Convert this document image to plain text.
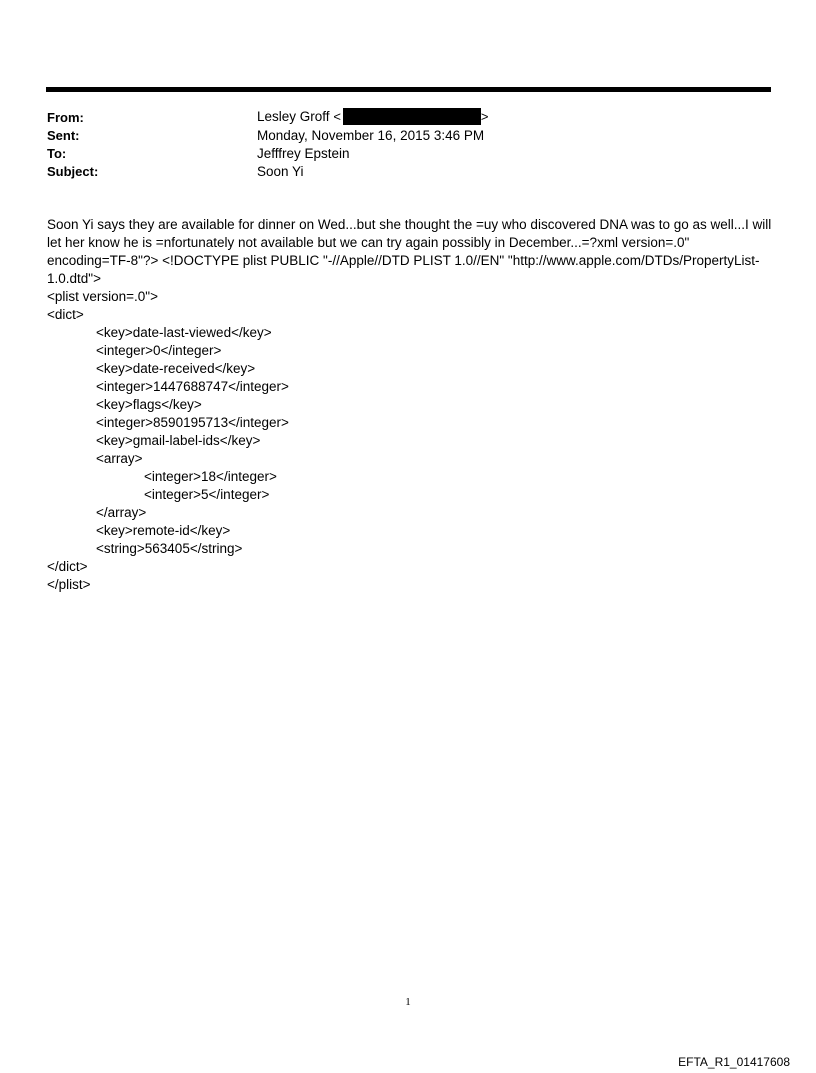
From:	Lesley Groff <	>
Sent:	Monday, November 16, 2015 3:46 PM
To:	Jefffrey Epstein
Subject:	Soon Yi

Soon Yi says they are available for dinner on Wed...but she thought the =uy who discovered DNA was to go as well...I will let her know he is =nfortunately not available but we can try again possibly in December...=?xml version=.0" encoding=TF-8"?> <!DOCTYPE plist PUBLIC "-//Apple//DTD PLIST 1.0//EN" "http://www.apple.com/DTDs/PropertyList-1.0.dtd">

<plist version=.0">
<dict>
<key>date-last-viewed</key>
<integer>0</integer>
<key>date-received</key>
<integer>1447688747</integer>
<key>flags</key>
<integer>8590195713</integer>
<key>gmail-label-ids</key>
<array>
<integer>18</integer>
<integer>5</integer>
</array>
<key>remote-id</key>
<string>563405</string>
</dict>
</plist>
1
EFTA_R1_01417608
